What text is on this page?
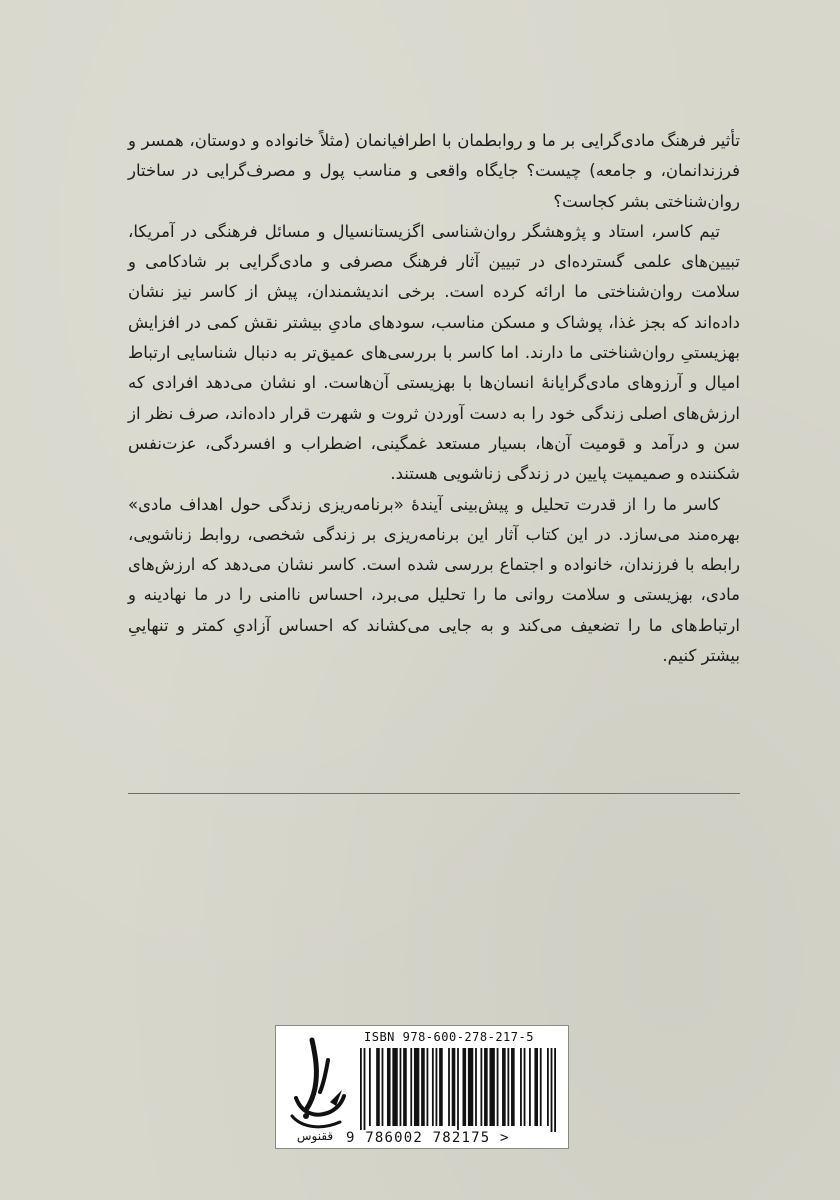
تأثیر فرهنگ مادی‌گرایی بر ما و روابطمان با اطرافیانمان (مثلاً خانواده و دوستان، همسر و فرزندانمان، و جامعه) چیست؟ جایگاه واقعی و مناسب پول و مصرف‌گرایی در ساختار روان‌شناختی بشر کجاست؟

تیم کاسر، استاد و پژوهشگر روان‌شناسی اگزیستانسیال و مسائل فرهنگی در آمریکا، تبیین‌های علمی گسترده‌ای در تبیین آثار فرهنگ مصرفی و مادی‌گرایی بر شادکامی و سلامت روان‌شناختی ما ارائه کرده است. برخی اندیشمندان، پیش از کاسر نیز نشان داده‌اند که بجز غذا، پوشاک و مسکن مناسب، سودهای مادیِ بیشتر نقش کمی در افزایش بهزیستیِ روان‌شناختی ما دارند. اما کاسر با بررسی‌های عمیق‌تر به دنبال شناسایی ارتباط امیال و آرزوهای مادی‌گرایانهٔ انسان‌ها با بهزیستی آن‌هاست. او نشان می‌دهد افرادی که ارزش‌های اصلی زندگی خود را به دست آوردن ثروت و شهرت قرار داده‌اند، صرف نظر از سن و درآمد و قومیت آن‌ها، بسیار مستعد غمگینی، اضطراب و افسردگی، عزت‌نفس شکننده و صمیمیت پایین در زندگی زناشویی هستند.

کاسر ما را از قدرت تحلیل و پیش‌بینی آیندهٔ «برنامه‌ریزی زندگی حول اهداف مادی» بهره‌مند می‌سازد. در این کتاب آثار این برنامه‌ریزی بر زندگی شخصی، روابط زناشویی، رابطه با فرزندان، خانواده و اجتماع بررسی شده است. کاسر نشان می‌دهد که ارزش‌های مادی، بهزیستی و سلامت روانی ما را تحلیل می‌برد، احساس ناامنی را در ما نهادینه و ارتباط‌های ما را تضعیف می‌کند و به جایی می‌کشاند که احساس آزادیِ کمتر و تنهاییِ بیشتر کنیم.

ققنوس
ISBN 978-600-278-217-5
9 786002 782175 >
